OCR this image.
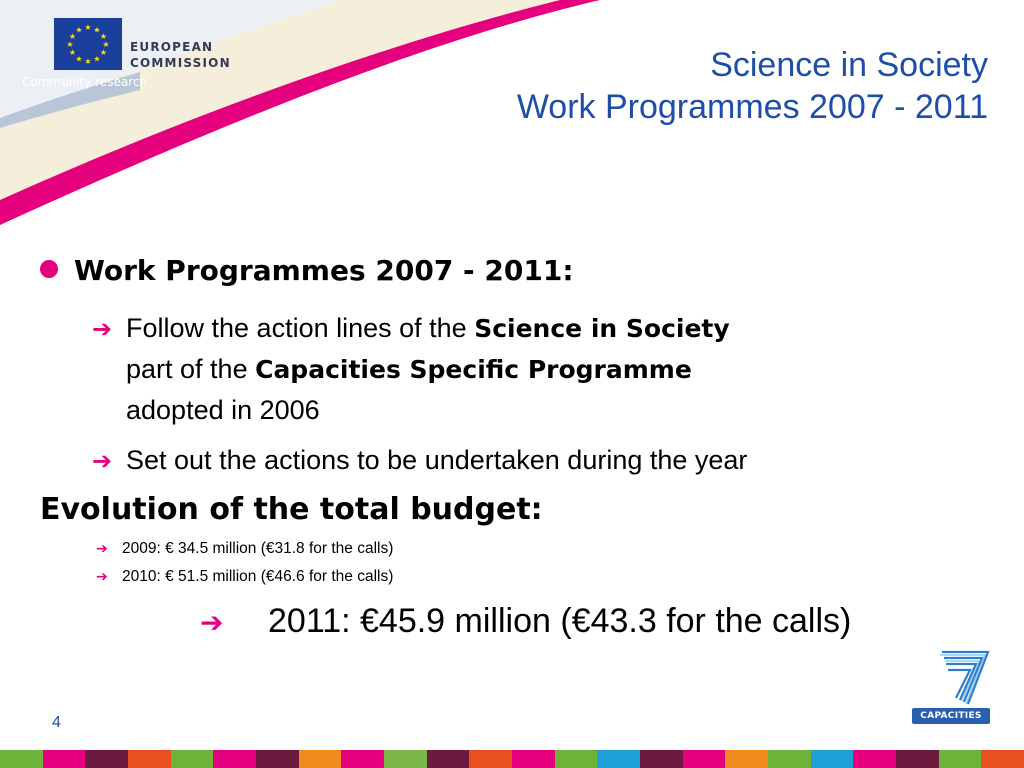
★ ★
★
★
★
★
★
★
★
★
★
★
EUROPEAN
COMMISSION
Community research	Science in Society
Work Programmes 2007 - 2011
Work Programmes 2007 - 2011:
➔ Follow the action lines of the Science in Society
part of the Capacities Specific Programme
adopted in 2006
➔ Set out the actions to be undertaken during the year
Evolution of the total budget:
➔ 2009: € 34.5 million (€31.8 for the calls)
➔ 2010: € 51.5 million (€46.6 for the calls)
➔ 2011: €45.9 million (€43.3 for the calls)
4	CAPACITIES
